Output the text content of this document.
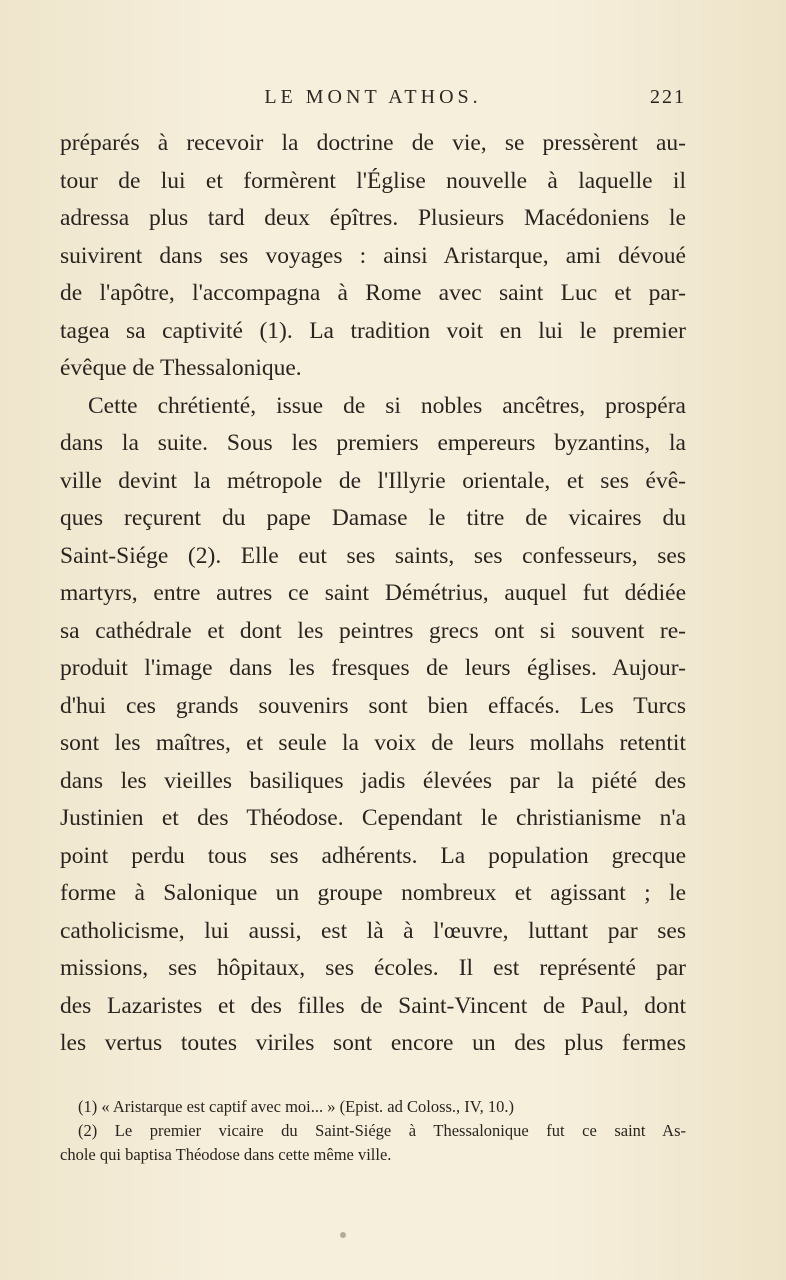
LE MONT ATHOS.	221
préparés à recevoir la doctrine de vie, se pressèrent au-
tour de lui et formèrent l'Église nouvelle à laquelle il
adressa plus tard deux épîtres. Plusieurs Macédoniens le
suivirent dans ses voyages : ainsi Aristarque, ami dévoué
de l'apôtre, l'accompagna à Rome avec saint Luc et par-
tagea sa captivité (1). La tradition voit en lui le premier
évêque de Thessalonique.
Cette chrétienté, issue de si nobles ancêtres, prospéra
dans la suite. Sous les premiers empereurs byzantins, la
ville devint la métropole de l'Illyrie orientale, et ses évê-
ques reçurent du pape Damase le titre de vicaires du
Saint-Siége (2). Elle eut ses saints, ses confesseurs, ses
martyrs, entre autres ce saint Démétrius, auquel fut dédiée
sa cathédrale et dont les peintres grecs ont si souvent re-
produit l'image dans les fresques de leurs églises. Aujour-
d'hui ces grands souvenirs sont bien effacés. Les Turcs
sont les maîtres, et seule la voix de leurs mollahs retentit
dans les vieilles basiliques jadis élevées par la piété des
Justinien et des Théodose. Cependant le christianisme n'a
point perdu tous ses adhérents. La population grecque
forme à Salonique un groupe nombreux et agissant ; le
catholicisme, lui aussi, est là à l'œuvre, luttant par ses
missions, ses hôpitaux, ses écoles. Il est représenté par
des Lazaristes et des filles de Saint-Vincent de Paul, dont
les vertus toutes viriles sont encore un des plus fermes
(1) « Aristarque est captif avec moi... » (Epist. ad Coloss., IV, 10.)
(2) Le premier vicaire du Saint-Siége à Thessalonique fut ce saint As-
chole qui baptisa Théodose dans cette même ville.
